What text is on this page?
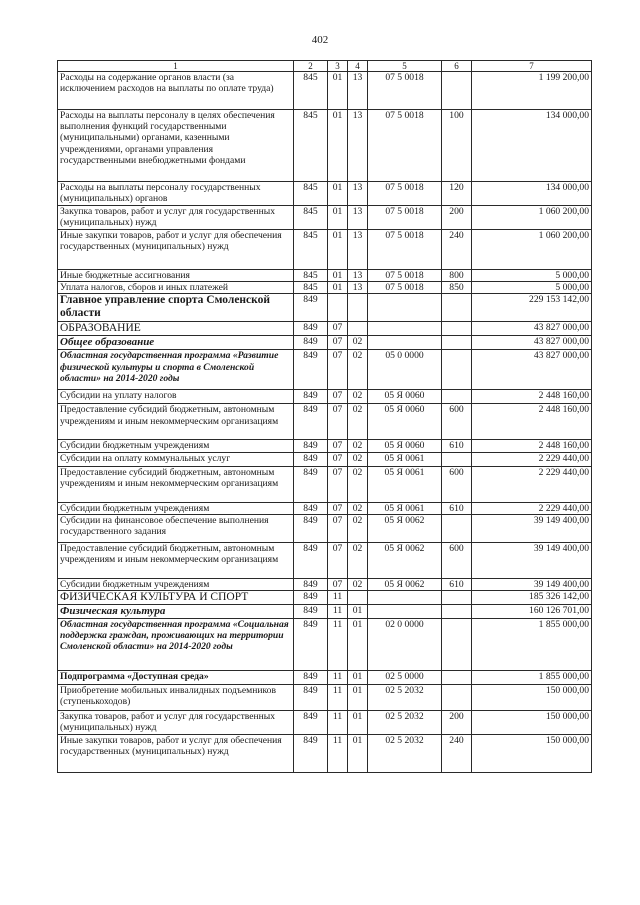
402
1	2	3	4	5	6	7
Расходы на содержание органов власти (за исключением расходов на выплаты по оплате труда)	845	01	13	07 5 0018		1 199 200,00
Расходы на выплаты персоналу в целях обеспечения выполнения функций государственными (муниципальными) органами, казенными учреждениями, органами управления государственными внебюджетными фондами	845	01	13	07 5 0018	100	134 000,00
Расходы на выплаты персоналу государственных (муниципальных) органов	845	01	13	07 5 0018	120	134 000,00
Закупка товаров, работ и услуг для государственных (муниципальных) нужд	845	01	13	07 5 0018	200	1 060 200,00
Иные закупки товаров, работ и услуг для обеспечения государственных (муниципальных) нужд	845	01	13	07 5 0018	240	1 060 200,00
Иные бюджетные ассигнования	845	01	13	07 5 0018	800	5 000,00
Уплата налогов, сборов и иных платежей	845	01	13	07 5 0018	850	5 000,00
Главное управление спорта Смоленской области	849					229 153 142,00
ОБРАЗОВАНИЕ	849	07				43 827 000,00
Общее образование	849	07	02			43 827 000,00
Областная государственная программа «Развитие физической культуры и спорта в Смоленской области» на 2014-2020 годы	849	07	02	05 0 0000		43 827 000,00
Субсидии на уплату налогов	849	07	02	05 Я 0060		2 448 160,00
Предоставление субсидий бюджетным, автономным учреждениям и иным некоммерческим организациям	849	07	02	05 Я 0060	600	2 448 160,00
Субсидии бюджетным учреждениям	849	07	02	05 Я 0060	610	2 448 160,00
Субсидии на оплату коммунальных услуг	849	07	02	05 Я 0061		2 229 440,00
Предоставление субсидий бюджетным, автономным учреждениям и иным некоммерческим организациям	849	07	02	05 Я 0061	600	2 229 440,00
Субсидии бюджетным учреждениям	849	07	02	05 Я 0061	610	2 229 440,00
Субсидии на финансовое обеспечение выполнения государственного задания	849	07	02	05 Я 0062		39 149 400,00
Предоставление субсидий бюджетным, автономным учреждениям и иным некоммерческим организациям	849	07	02	05 Я 0062	600	39 149 400,00
Субсидии бюджетным учреждениям	849	07	02	05 Я 0062	610	39 149 400,00
ФИЗИЧЕСКАЯ КУЛЬТУРА И СПОРТ	849	11				185 326 142,00
Физическая культура	849	11	01			160 126 701,00
Областная государственная программа «Социальная поддержка граждан, проживающих на территории Смоленской области» на 2014-2020 годы	849	11	01	02 0 0000		1 855 000,00
Подпрограмма «Доступная среда»	849	11	01	02 5 0000		1 855 000,00
Приобретение мобильных инвалидных подъемников (ступенькоходов)	849	11	01	02 5 2032		150 000,00
Закупка товаров, работ и услуг для государственных (муниципальных) нужд	849	11	01	02 5 2032	200	150 000,00
Иные закупки товаров, работ и услуг для обеспечения государственных (муниципальных) нужд	849	11	01	02 5 2032	240	150 000,00
